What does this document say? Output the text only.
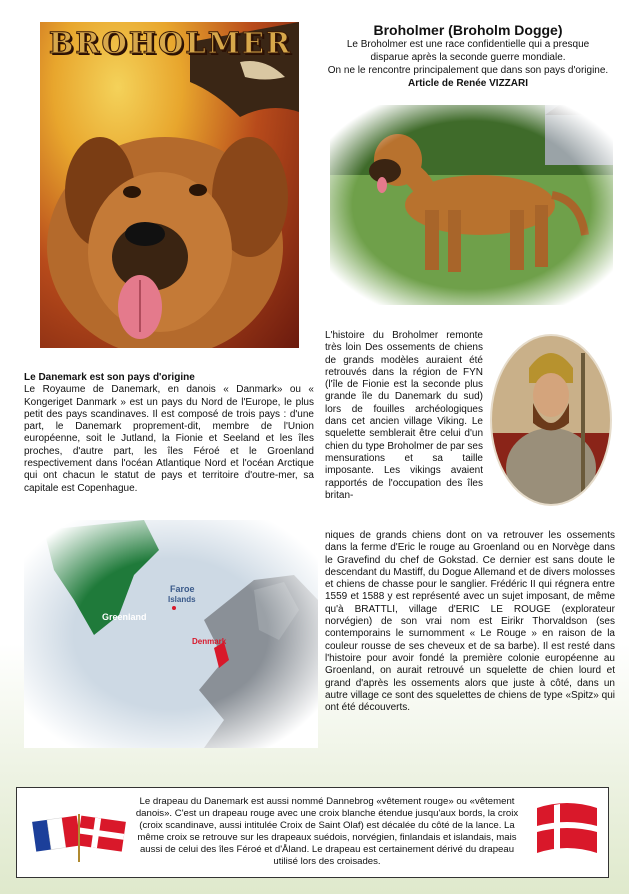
BROHOLMER	Broholmer (Broholm Dogge)

Le Broholmer est une race confidentielle qui a presque

disparue après la seconde guerre mondiale.

On ne le rencontre principalement que dans son pays d'origine.

Article de Renée VIZZARI

Le Danemark est son pays d'origine
Le Royaume de Danemark, en danois « Danmark» ou « Kongeriget Danmark » est un pays du Nord de l'Europe, le plus petit des pays scandinaves. Il est composé de trois pays : d'une part, le Danemark proprement-dit, membre de l'Union européenne, soit le Jutland, la Fionie et Seeland et les îles proches, d'autre part, les îles Féroé et le Groenland respectivement dans l'océan Atlantique Nord et l'océan Arctique qui ont chacun le statut de pays et territoire d'outre-mer, sa capitale est Copenhague.
L'histoire du Broholmer remonte très loin Des ossements de chiens de grands modèles auraient été retrouvés dans la région de FYN (l'île de Fionie est la seconde plus grande île du Danemark du sud) lors de fouilles archéologiques dans cet ancien village Viking. Le squelette semblerait être celui d'un chien du type Broholmer de par ses mensurations et sa taille imposante. Les vikings avaient rapportés de l'occupation des îles britan-
niques de grands chiens dont on va retrouver les ossements dans la ferme d'Eric le rouge au Groenland ou en Norvège dans le Gravefind du chef de Gokstad. Ce dernier est sans doute le descendant du Mastiff, du Dogue Allemand et de divers molosses et chiens de chasse pour le sanglier. Frédéric II qui régnera entre 1559 et 1588 y est représenté avec un sujet imposant, de même qu'à BRATTLI, village d'ERIC LE ROUGE (explorateur norvégien) de son vrai nom est Eirikr Thorvaldson (ses contemporains le surnomment « Le Rouge » en raison de la couleur rousse de ses cheveux et de sa barbe). Il est resté dans l'histoire pour avoir fondé la première colonie européenne au Groenland, on aurait retrouvé un squelette de chien lourd et grand d'après les ossements alors que juste à côté, dans un autre village ce sont des squelettes de chiens de type «Spitz» qui ont été découverts.
Le drapeau du Danemark est aussi nommé Dannebrog «vêtement rouge» ou «vêtement danois». C'est un drapeau rouge avec une croix blanche étendue jusqu'aux bords, la croix (croix scandinave, aussi intitulée Croix de Saint Olaf) est décalée du côté de la lance. La même croix se retrouve sur les drapeaux suédois, norvégien, finlandais et islandais, mais aussi de celui des îles Féroé et d'Åland. Le drapeau est certainement dérivé du drapeau utilisé lors des croisades.
